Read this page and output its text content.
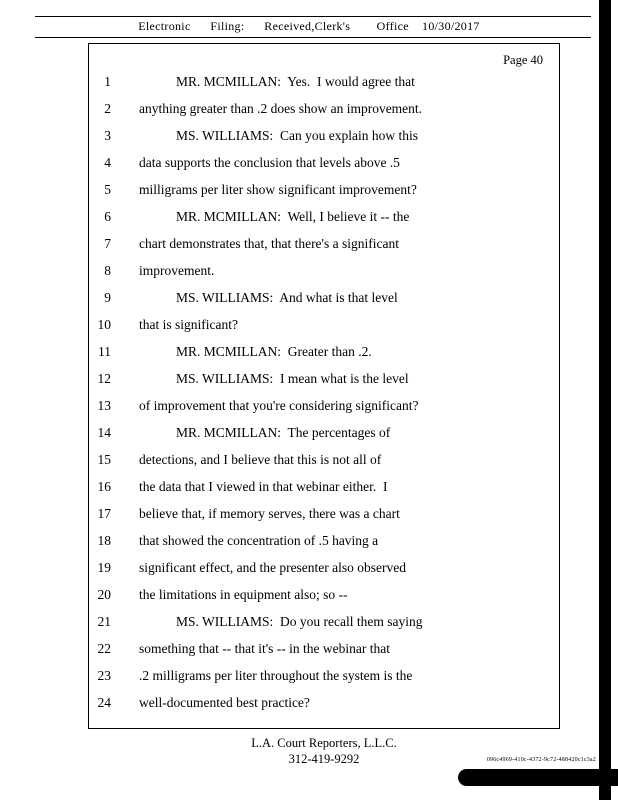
Electronic      Filing:      Received,Clerk's        Office    10/30/2017
Page 40
1	MR. MCMILLAN:  Yes.  I would agree that
2 anything greater than .2 does show an improvement.
3	MS. WILLIAMS:  Can you explain how this
4 data supports the conclusion that levels above .5
5 milligrams per liter show significant improvement?
6	MR. MCMILLAN:  Well, I believe it -- the
7 chart demonstrates that, that there's a significant
8 improvement.
9	MS. WILLIAMS:  And what is that level
10 that is significant?
11	MR. MCMILLAN:  Greater than .2.
12	MS. WILLIAMS:  I mean what is the level
13 of improvement that you're considering significant?
14	MR. MCMILLAN:  The percentages of
15 detections, and I believe that this is not all of
16 the data that I viewed in that webinar either.  I
17 believe that, if memory serves, there was a chart
18 that showed the concentration of .5 having a
19 significant effect, and the presenter also observed
20 the limitations in equipment also; so --
21	MS. WILLIAMS:  Do you recall them saying
22 something that -- that it's -- in the webinar that
23 .2 milligrams per liter throughout the system is the
24 well-documented best practice?
L.A. Court Reporters, L.L.C.
312-419-9292	096c4969-410c-4372-9c72-488420c1c3a2
